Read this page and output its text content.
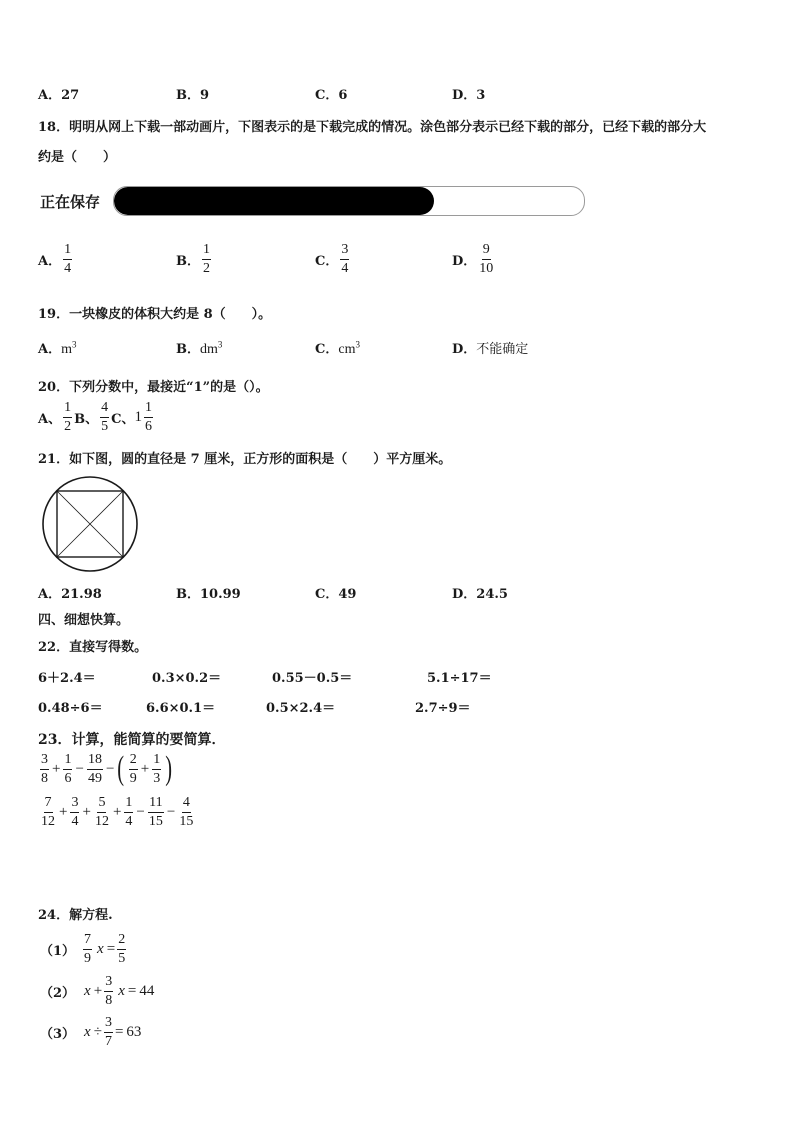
A．27	B．9	C．6	D．3
18．明明从网上下载一部动画片，下图表示的是下载完成的情况。涂色部分表示已经下载的部分，已经下载的部分大
约是（　　）
正在保存
A． $\frac{1}{4}$	B． $\frac{1}{2}$	C． $\frac{3}{4}$	D． $\frac{9}{10}$
19．一块橡皮的体积大约是 8（　　）。
A．$m^3$	B．$dm^3$	C．$cm^3$	D．不能确定
20．下列分数中，最接近“1”的是（）。
A、 $\frac{1}{2}$ B、 $\frac{4}{5}$ C、 $1 \frac{1}{6}$
21．如下图，圆的直径是 7 厘米，正方形的面积是（　　）平方厘米。
A．21.98	B．10.99	C．49	D．24.5
四、细想快算。
22．直接写得数。
6＋2.4＝	0.3×0.2＝	0.55－0.5＝	5.1÷17＝
0.48÷6＝	6.6×0.1＝	0.5×2.4＝	2.7÷9＝
23．计算，能简算的要简算．
$\frac{3}{8} + \frac{1}{6} - \frac{18}{49}$ − ( $\frac{2}{9} + \frac{1}{3}$ )
$\frac{7}{12} + \frac{3}{4} + \frac{5}{12} + \frac{1}{4} - \frac{11}{15} - \frac{4}{15}$
24．解方程.
$(1) \frac{7}{9}$ $x = \frac{2}{5}$
（2） $x + \frac{3}{8}$ x = 44
（3） $x \div \frac{3}{7} = 63$
